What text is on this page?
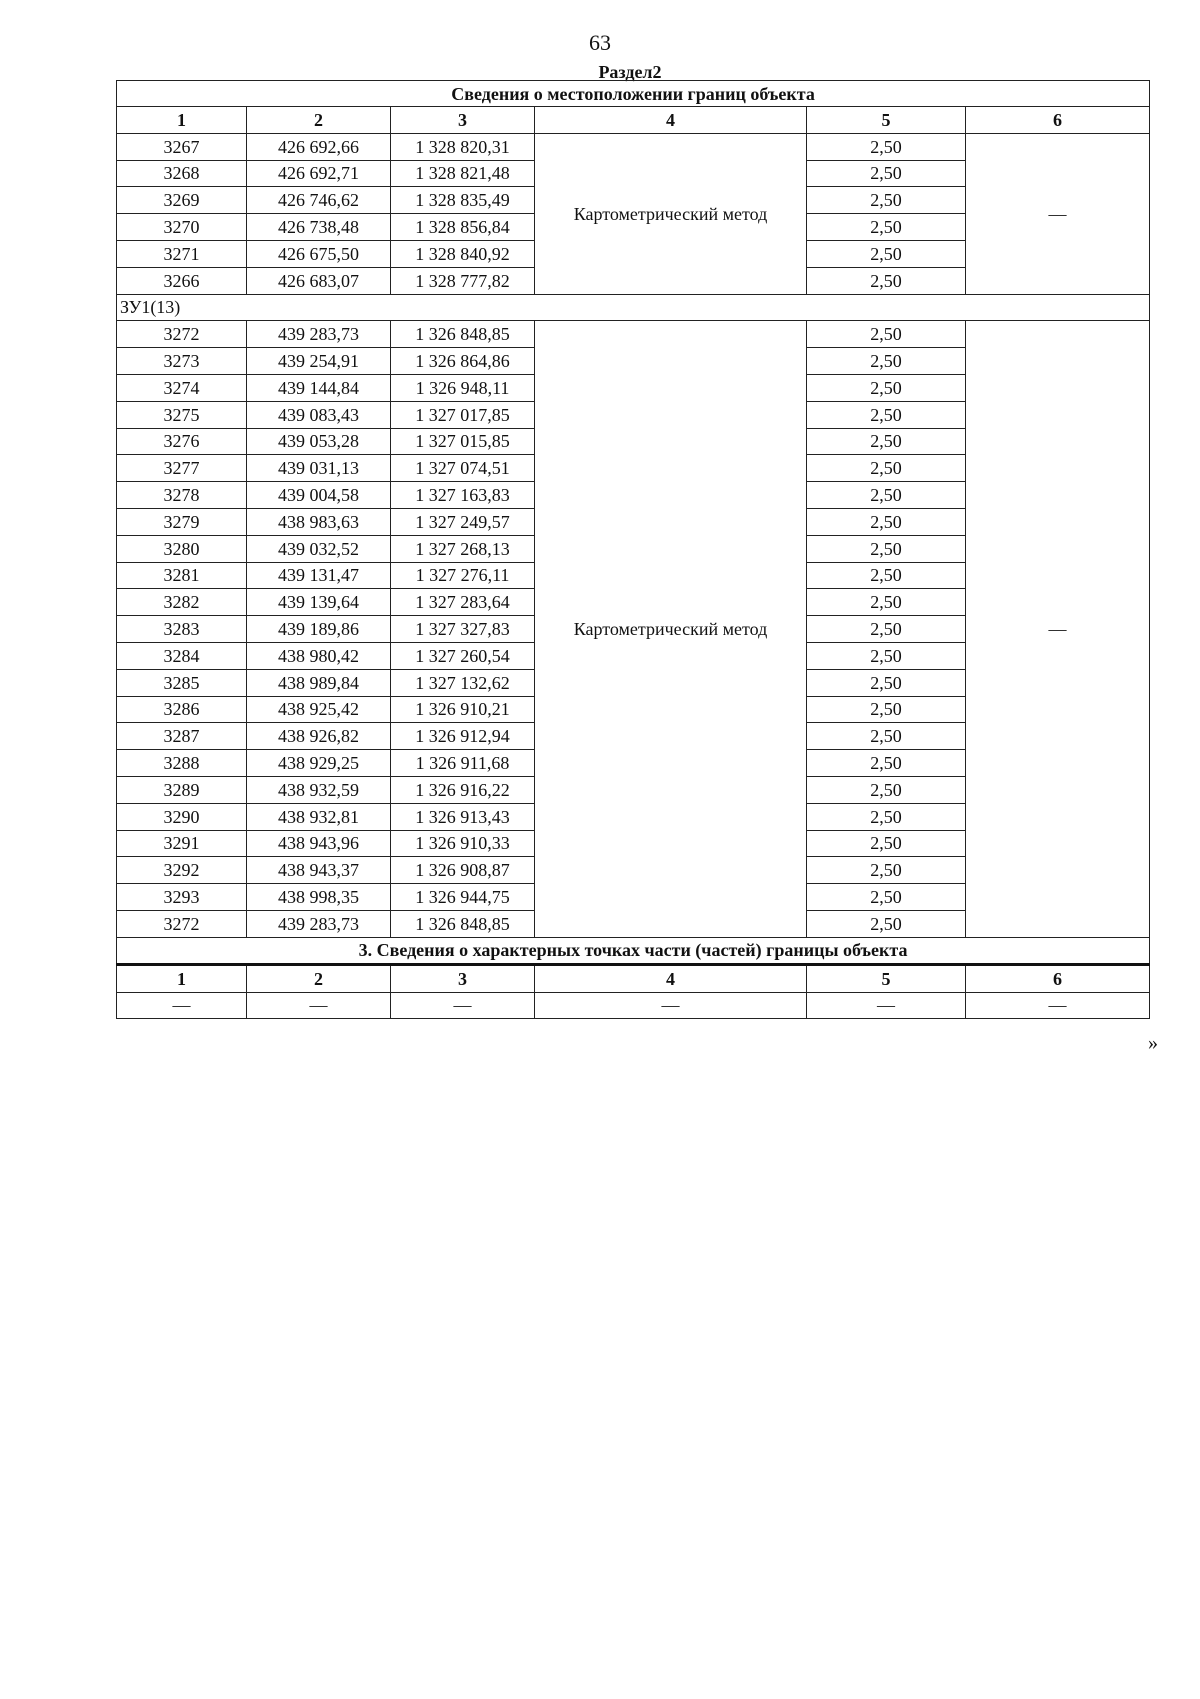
63
Раздел2
Сведения о местоположении границ объекта					
1	2	3	4	5	6
3267	426 692,66	1 328 820,31	Картометрический метод	2,50	—
3268	426 692,71	1 328 821,48		2,50	
3269	426 746,62	1 328 835,49		2,50	
3270	426 738,48	1 328 856,84		2,50	
3271	426 675,50	1 328 840,92		2,50	
3266	426 683,07	1 328 777,82		2,50	
ЗУ1(13)					
3272	439 283,73	1 326 848,85	Картометрический метод	2,50	—
3273	439 254,91	1 326 864,86		2,50	
3274	439 144,84	1 326 948,11		2,50	
3275	439 083,43	1 327 017,85		2,50	
3276	439 053,28	1 327 015,85		2,50	
3277	439 031,13	1 327 074,51		2,50	
3278	439 004,58	1 327 163,83		2,50	
3279	438 983,63	1 327 249,57		2,50	
3280	439 032,52	1 327 268,13		2,50	
3281	439 131,47	1 327 276,11		2,50	
3282	439 139,64	1 327 283,64		2,50	
3283	439 189,86	1 327 327,83		2,50	
3284	438 980,42	1 327 260,54		2,50	
3285	438 989,84	1 327 132,62		2,50	
3286	438 925,42	1 326 910,21		2,50	
3287	438 926,82	1 326 912,94		2,50	
3288	438 929,25	1 326 911,68		2,50	
3289	438 932,59	1 326 916,22		2,50	
3290	438 932,81	1 326 913,43		2,50	
3291	438 943,96	1 326 910,33		2,50	
3292	438 943,37	1 326 908,87		2,50	
3293	438 998,35	1 326 944,75		2,50	
3272	439 283,73	1 326 848,85		2,50	
3. Сведения о характерных точках части (частей) границы объекта					
1	2	3	4	5	6
—	—	—	—	—	—
»
